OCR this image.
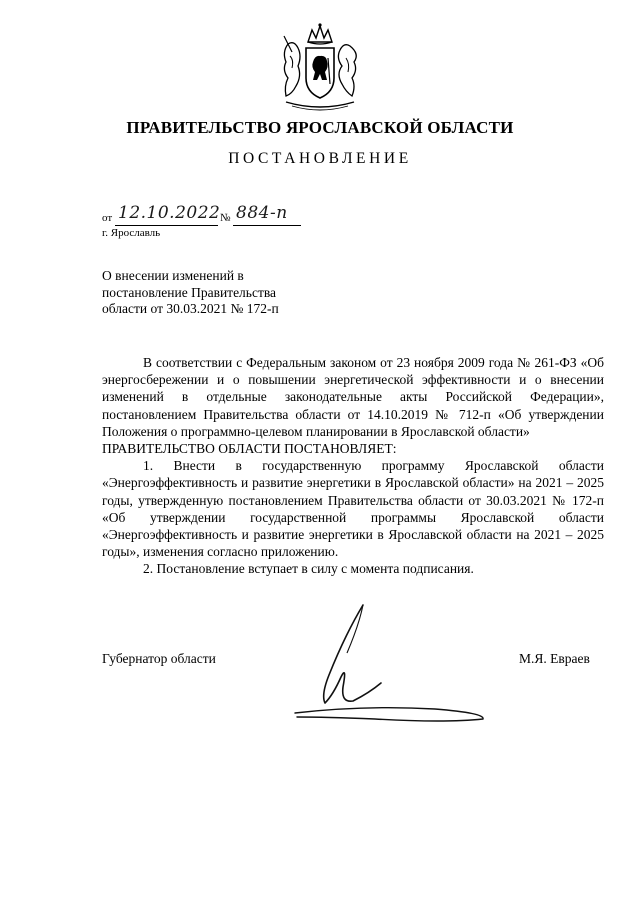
ПРАВИТЕЛЬСТВО ЯРОСЛАВСКОЙ ОБЛАСТИ
ПОСТАНОВЛЕНИЕ
от 12.10.2022 № 884-п
г. Ярославль
О внесении изменений в
постановление Правительства
области от 30.03.2021 № 172-п

В соответствии с Федеральным законом от 23 ноября 2009 года № 261-ФЗ «Об энергосбережении и о повышении энергетической эффективности и о внесении изменений в отдельные законодательные акты Российской Федерации», постановлением Правительства области от 14.10.2019 № 712-п «Об утверждении Положения о программно-целевом планировании в Ярославской области»

ПРАВИТЕЛЬСТВО ОБЛАСТИ ПОСТАНОВЛЯЕТ:

1. Внести в государственную программу Ярославской области «Энергоэффективность и развитие энергетики в Ярославской области» на 2021 – 2025 годы, утвержденную постановлением Правительства области от 30.03.2021 № 172-п «Об утверждении государственной программы Ярославской области «Энергоэффективность и развитие энергетики в Ярославской области на 2021 – 2025 годы», изменения согласно приложению.

2. Постановление вступает в силу с момента подписания.

Губернатор области	М.Я. Евраев
